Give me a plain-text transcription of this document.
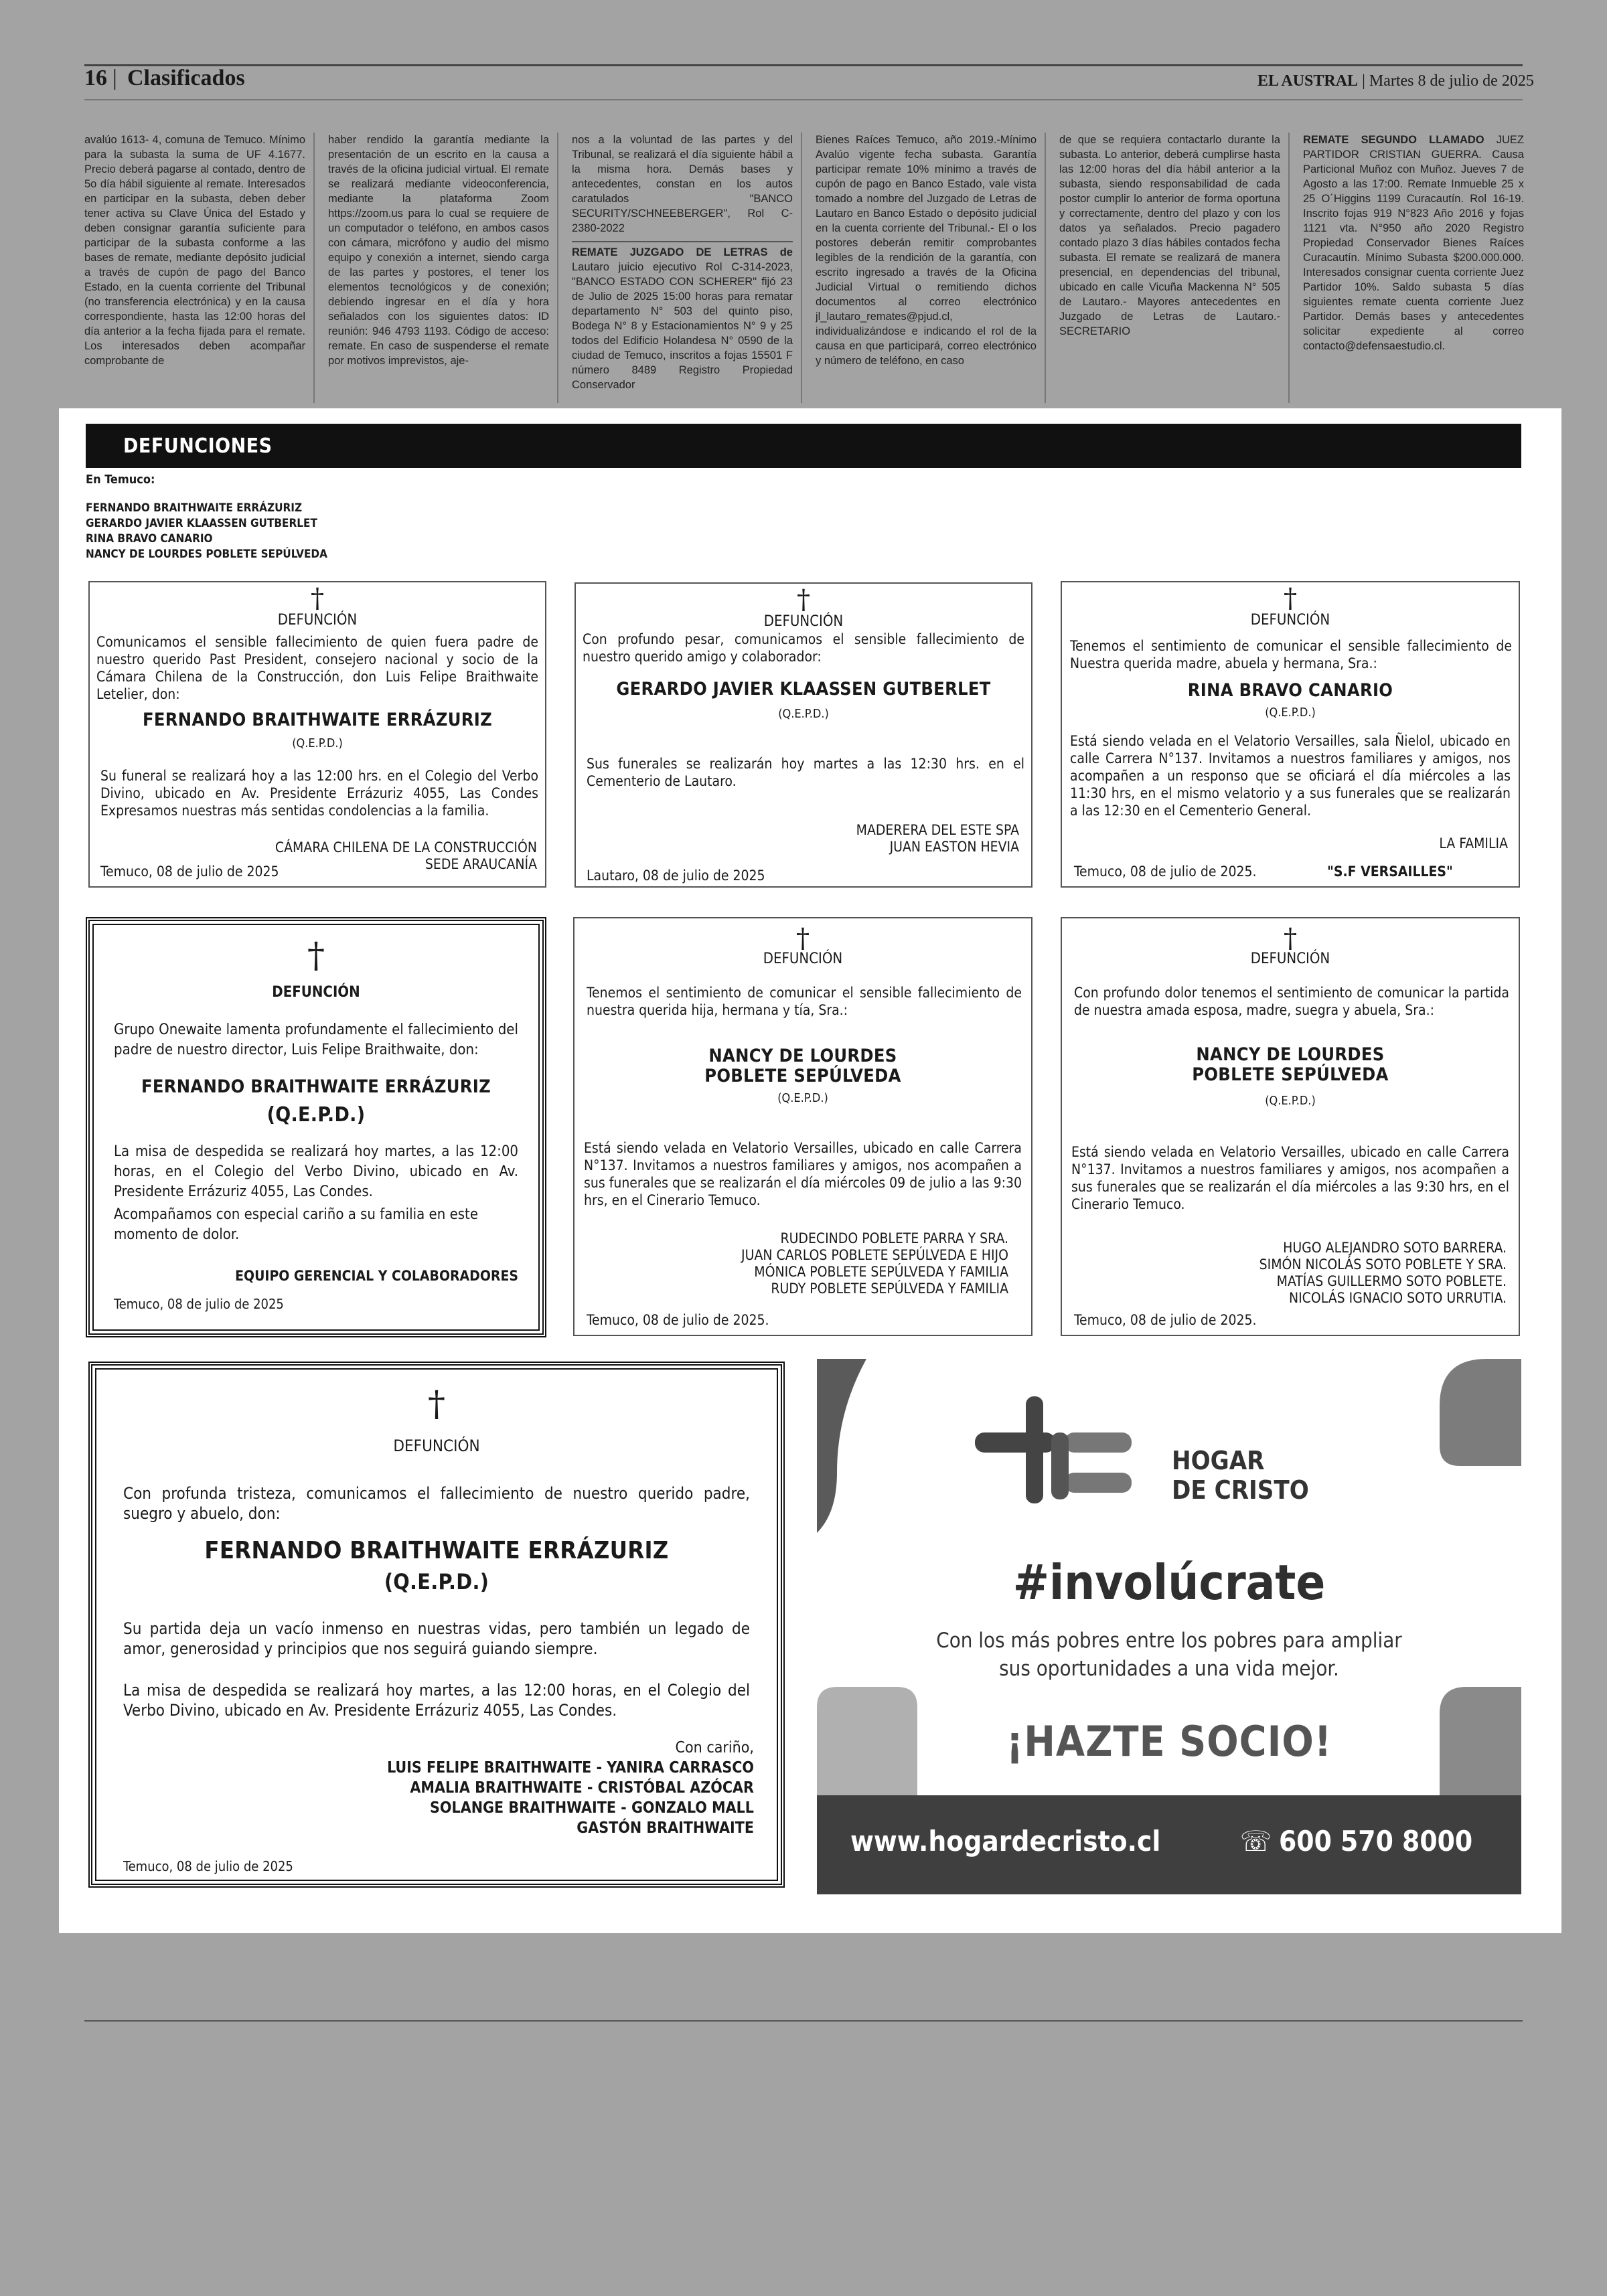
16 | Clasificados	EL AUSTRAL | Martes 8 de julio de 2025
avalúo 1613- 4, comuna de Temuco. Mínimo para la subasta la suma de UF 4.1677. Precio deberá pagarse al contado, dentro de 5o día hábil siguiente al remate. Interesados en participar en la subasta, deben deber tener activa su Clave Única del Estado y deben consignar garantía suficiente para participar de la subasta conforme a las bases de remate, mediante depósito judicial a través de cupón de pago del Banco Estado, en la cuenta corriente del Tribunal (no transferencia electrónica) y en la causa correspondiente, hasta las 12:00 horas del día anterior a la fecha fijada para el remate. Los interesados deben acompañar comprobante de
haber rendido la garantía mediante la presentación de un escrito en la causa a través de la oficina judicial virtual. El remate se realizará mediante videoconferencia, mediante la plataforma Zoom https://zoom.us para lo cual se requiere de un computador o teléfono, en ambos casos con cámara, micrófono y audio del mismo equipo y conexión a internet, siendo carga de las partes y postores, el tener los elementos tecnológicos y de conexión; debiendo ingresar en el día y hora señalados con los siguientes datos: ID reunión: 946 4793 1193. Código de acceso: remate. En caso de suspenderse el remate por motivos imprevistos, aje-
nos a la voluntad de las partes y del Tribunal, se realizará el día siguiente hábil a la misma hora. Demás bases y antecedentes, constan en los autos caratulados "BANCO SECURITY/SCHNEEBERGER", Rol C-2380-2022
REMATE JUZGADO DE LETRAS de Lautaro juicio ejecutivo Rol C-314-2023, "BANCO ESTADO CON SCHERER" fijó 23 de Julio de 2025 15:00 horas para rematar departamento N° 503 del quinto piso, Bodega N° 8 y Estacionamientos N° 9 y 25 todos del Edificio Holandesa N° 0590 de la ciudad de Temuco, inscritos a fojas 15501 F número 8489 Registro Propiedad Conservador
Bienes Raíces Temuco, año 2019.-Mínimo Avalúo vigente fecha subasta. Garantía participar remate 10% mínimo a través de cupón de pago en Banco Estado, vale vista tomado a nombre del Juzgado de Letras de Lautaro en Banco Estado o depósito judicial en la cuenta corriente del Tribunal.- El o los postores deberán remitir comprobantes legibles de la rendición de la garantía, con escrito ingresado a través de la Oficina Judicial Virtual o remitiendo dichos documentos al correo electrónico jl_lautaro_remates@pjud.cl, individualizándose e indicando el rol de la causa en que participará, correo electrónico y número de teléfono, en caso
de que se requiera contactarlo durante la subasta. Lo anterior, deberá cumplirse hasta las 12:00 horas del día hábil anterior a la subasta, siendo responsabilidad de cada postor cumplir lo anterior de forma oportuna y correctamente, dentro del plazo y con los datos ya señalados. Precio pagadero contado plazo 3 días hábiles contados fecha subasta. El remate se realizará de manera presencial, en dependencias del tribunal, ubicado en calle Vicuña Mackenna N° 505 de Lautaro.- Mayores antecedentes en Juzgado de Letras de Lautaro.- SECRETARIO
REMATE SEGUNDO LLAMADO JUEZ PARTIDOR CRISTIAN GUERRA. Causa Particional Muñoz con Muñoz. Jueves 7 de Agosto a las 17:00. Remate Inmueble 25 x 25 O´Higgins 1199 Curacautín. Rol 16-19. Inscrito fojas 919 N°823 Año 2016 y fojas 1121 vta. N°950 año 2020 Registro Propiedad Conservador Bienes Raíces Curacautín. Mínimo Subasta $200.000.000. Interesados consignar cuenta corriente Juez Partidor 10%. Saldo subasta 5 días siguientes remate cuenta corriente Juez Partidor. Demás bases y antecedentes solicitar expediente al correo contacto@defensaestudio.cl.
DEFUNCIONES
En Temuco:
FERNANDO BRAITHWAITE ERRÁZURIZ
GERARDO JAVIER KLAASSEN GUTBERLET
RINA BRAVO CANARIO
NANCY DE LOURDES POBLETE SEPÚLVEDA
†
DEFUNCIÓN
Comunicamos el sensible fallecimiento de quien fuera padre de nuestro querido Past President, consejero nacional y socio de la Cámara Chilena de la Construcción, don Luis Felipe Braithwaite Letelier, don:
FERNANDO BRAITHWAITE ERRÁZURIZ
(Q.E.P.D.)
Su funeral se realizará hoy a las 12:00 hrs. en el Colegio del Verbo Divino, ubicado en Av. Presidente Errázuriz 4055, Las Condes Expresamos nuestras más sentidas condolencias a la familia.
CÁMARA CHILENA DE LA CONSTRUCCIÓN
SEDE ARAUCANÍA
Temuco, 08 de julio de 2025
†
DEFUNCIÓN
Con profundo pesar, comunicamos el sensible fallecimiento de nuestro querido amigo y colaborador:
GERARDO JAVIER KLAASSEN GUTBERLET
(Q.E.P.D.)
Sus funerales se realizarán hoy martes a las 12:30 hrs. en el Cementerio de Lautaro.
MADERERA DEL ESTE SPA
JUAN EASTON HEVIA
Lautaro, 08 de julio de 2025
†
DEFUNCIÓN
Tenemos el sentimiento de comunicar el sensible fallecimiento de Nuestra querida madre, abuela y hermana, Sra.:
RINA BRAVO CANARIO
(Q.E.P.D.)
Está siendo velada en el Velatorio Versailles, sala Ñielol, ubicado en calle Carrera N°137. Invitamos a nuestros familiares y amigos, nos acompañen a un responso que se oficiará el día miércoles a las 11:30 hrs, en el mismo velatorio y a sus funerales que se realizarán a las 12:30 en el Cementerio General.
LA FAMILIA
Temuco, 08 de julio de 2025.	"S.F VERSAILLES"
†
DEFUNCIÓN
Grupo Onewaite lamenta profundamente el fallecimiento del padre de nuestro director, Luis Felipe Braithwaite, don:
FERNANDO BRAITHWAITE ERRÁZURIZ
(Q.E.P.D.)
La misa de despedida se realizará hoy martes, a las 12:00 horas, en el Colegio del Verbo Divino, ubicado en Av. Presidente Errázuriz 4055, Las Condes.
Acompañamos con especial cariño a su familia en este momento de dolor.
EQUIPO GERENCIAL Y COLABORADORES
Temuco, 08 de julio de 2025
†
DEFUNCIÓN
Tenemos el sentimiento de comunicar el sensible fallecimiento de nuestra querida hija, hermana y tía, Sra.:
NANCY DE LOURDES
POBLETE SEPÚLVEDA
(Q.E.P.D.)
Está siendo velada en Velatorio Versailles, ubicado en calle Carrera N°137. Invitamos a nuestros familiares y amigos, nos acompañen a sus funerales que se realizarán el día miércoles 09 de julio a las 9:30 hrs, en el Cinerario Temuco.
RUDECINDO POBLETE PARRA Y SRA.
JUAN CARLOS POBLETE SEPÚLVEDA E HIJO
MÓNICA POBLETE SEPÚLVEDA Y FAMILIA
RUDY POBLETE SEPÚLVEDA Y FAMILIA
Temuco, 08 de julio de 2025.
†
DEFUNCIÓN
Con profundo dolor tenemos el sentimiento de comunicar la partida de nuestra amada esposa, madre, suegra y abuela, Sra.:
NANCY DE LOURDES
POBLETE SEPÚLVEDA
(Q.E.P.D.)
Está siendo velada en Velatorio Versailles, ubicado en calle Carrera N°137. Invitamos a nuestros familiares y amigos, nos acompañen a sus funerales que se realizarán el día miércoles a las 9:30 hrs, en el Cinerario Temuco.
HUGO ALEJANDRO SOTO BARRERA.
SIMÓN NICOLÁS SOTO POBLETE Y SRA.
MATÍAS GUILLERMO SOTO POBLETE.
NICOLÁS IGNACIO SOTO URRUTIA.
Temuco, 08 de julio de 2025.
†
DEFUNCIÓN
Con profunda tristeza, comunicamos el fallecimiento de nuestro querido padre, suegro y abuelo, don:
FERNANDO BRAITHWAITE ERRÁZURIZ
(Q.E.P.D.)
Su partida deja un vacío inmenso en nuestras vidas, pero también un legado de amor, generosidad y principios que nos seguirá guiando siempre.
La misa de despedida se realizará hoy martes, a las 12:00 horas, en el Colegio del Verbo Divino, ubicado en Av. Presidente Errázuriz 4055, Las Condes.
Con cariño,
LUIS FELIPE BRAITHWAITE - YANIRA CARRASCO
AMALIA BRAITHWAITE - CRISTÓBAL AZÓCAR
SOLANGE BRAITHWAITE - GONZALO MALL
GASTÓN BRAITHWAITE
Temuco, 08 de julio de 2025
HOGAR
DE CRISTO
#involúcrate
Con los más pobres entre los pobres para ampliar
sus oportunidades a una vida mejor.
¡HAZTE SOCIO!
www.hogardecristo.cl	☏ 600 570 8000
